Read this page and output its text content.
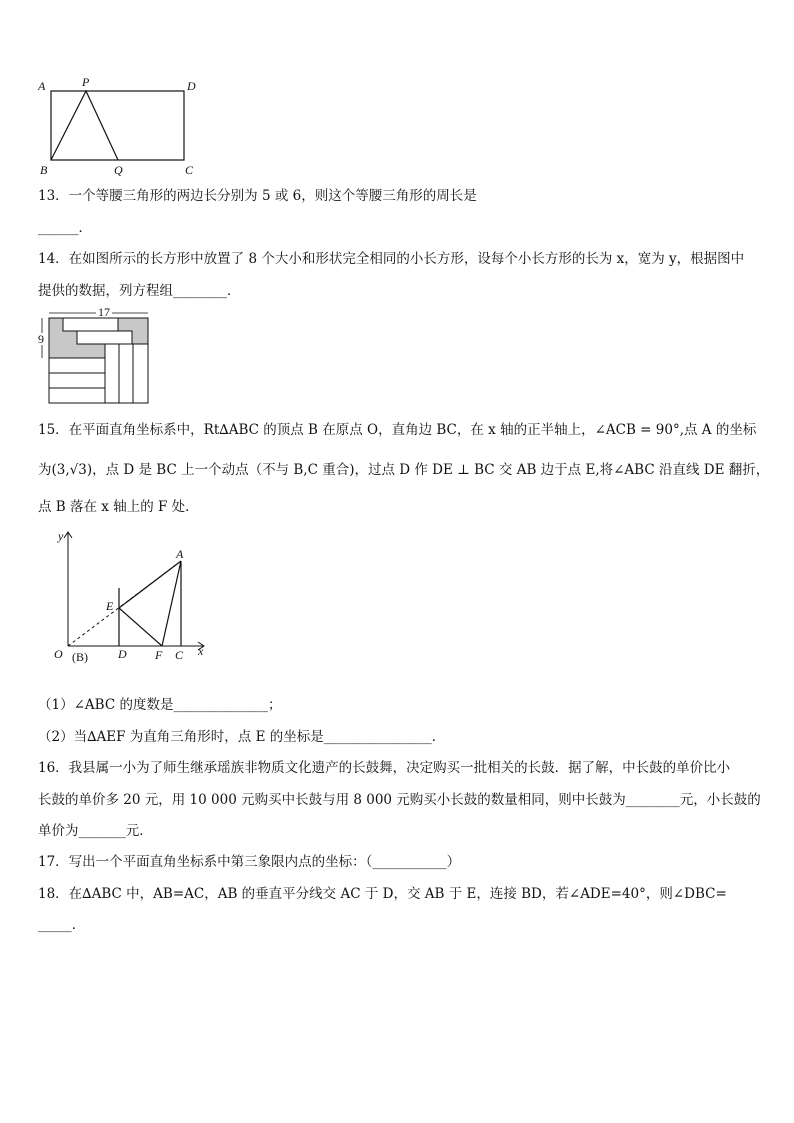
A	P	D
B	Q	C
13．一个等腰三角形的两边长分别为 5 或 6，则这个等腰三角形的周长是
______．
14．在如图所示的长方形中放置了 8 个大小和形状完全相同的小长方形，设每个小长方形的长为 x，宽为 y，根据图中
提供的数据，列方程组________．
17
9
15．在平面直角坐标系中，Rt∆ABC 的顶点 B 在原点 O，直角边 BC，在 x 轴的正半轴上，∠ACB = 90°,点 A 的坐标
为(3,√3)，点 D 是 BC 上一个动点（不与 B,C 重合)，过点 D 作 DE ⊥ BC 交 AB 边于点 E,将∠ABC 沿直线 DE 翻折，
点 B 落在 x 轴上的 F 处．
y
x
A
E
O (B)	D F C
（1）∠ABC 的度数是______________；
（2）当∆AEF 为直角三角形时，点 E 的坐标是________________．
16．我县属一小为了师生继承瑶族非物质文化遗产的长鼓舞，决定购买一批相关的长鼓．据了解，中长鼓的单价比小
长鼓的单价多 20 元，用 10 000 元购买中长鼓与用 8 000 元购买小长鼓的数量相同，则中长鼓为________元，小长鼓的
单价为_______元．
17．写出一个平面直角坐标系中第三象限内点的坐标：（___________）
18．在∆ABC 中，AB=AC，AB 的垂直平分线交 AC 于 D，交 AB 于 E，连接 BD，若∠ADE=40°，则∠DBC=
_____．
